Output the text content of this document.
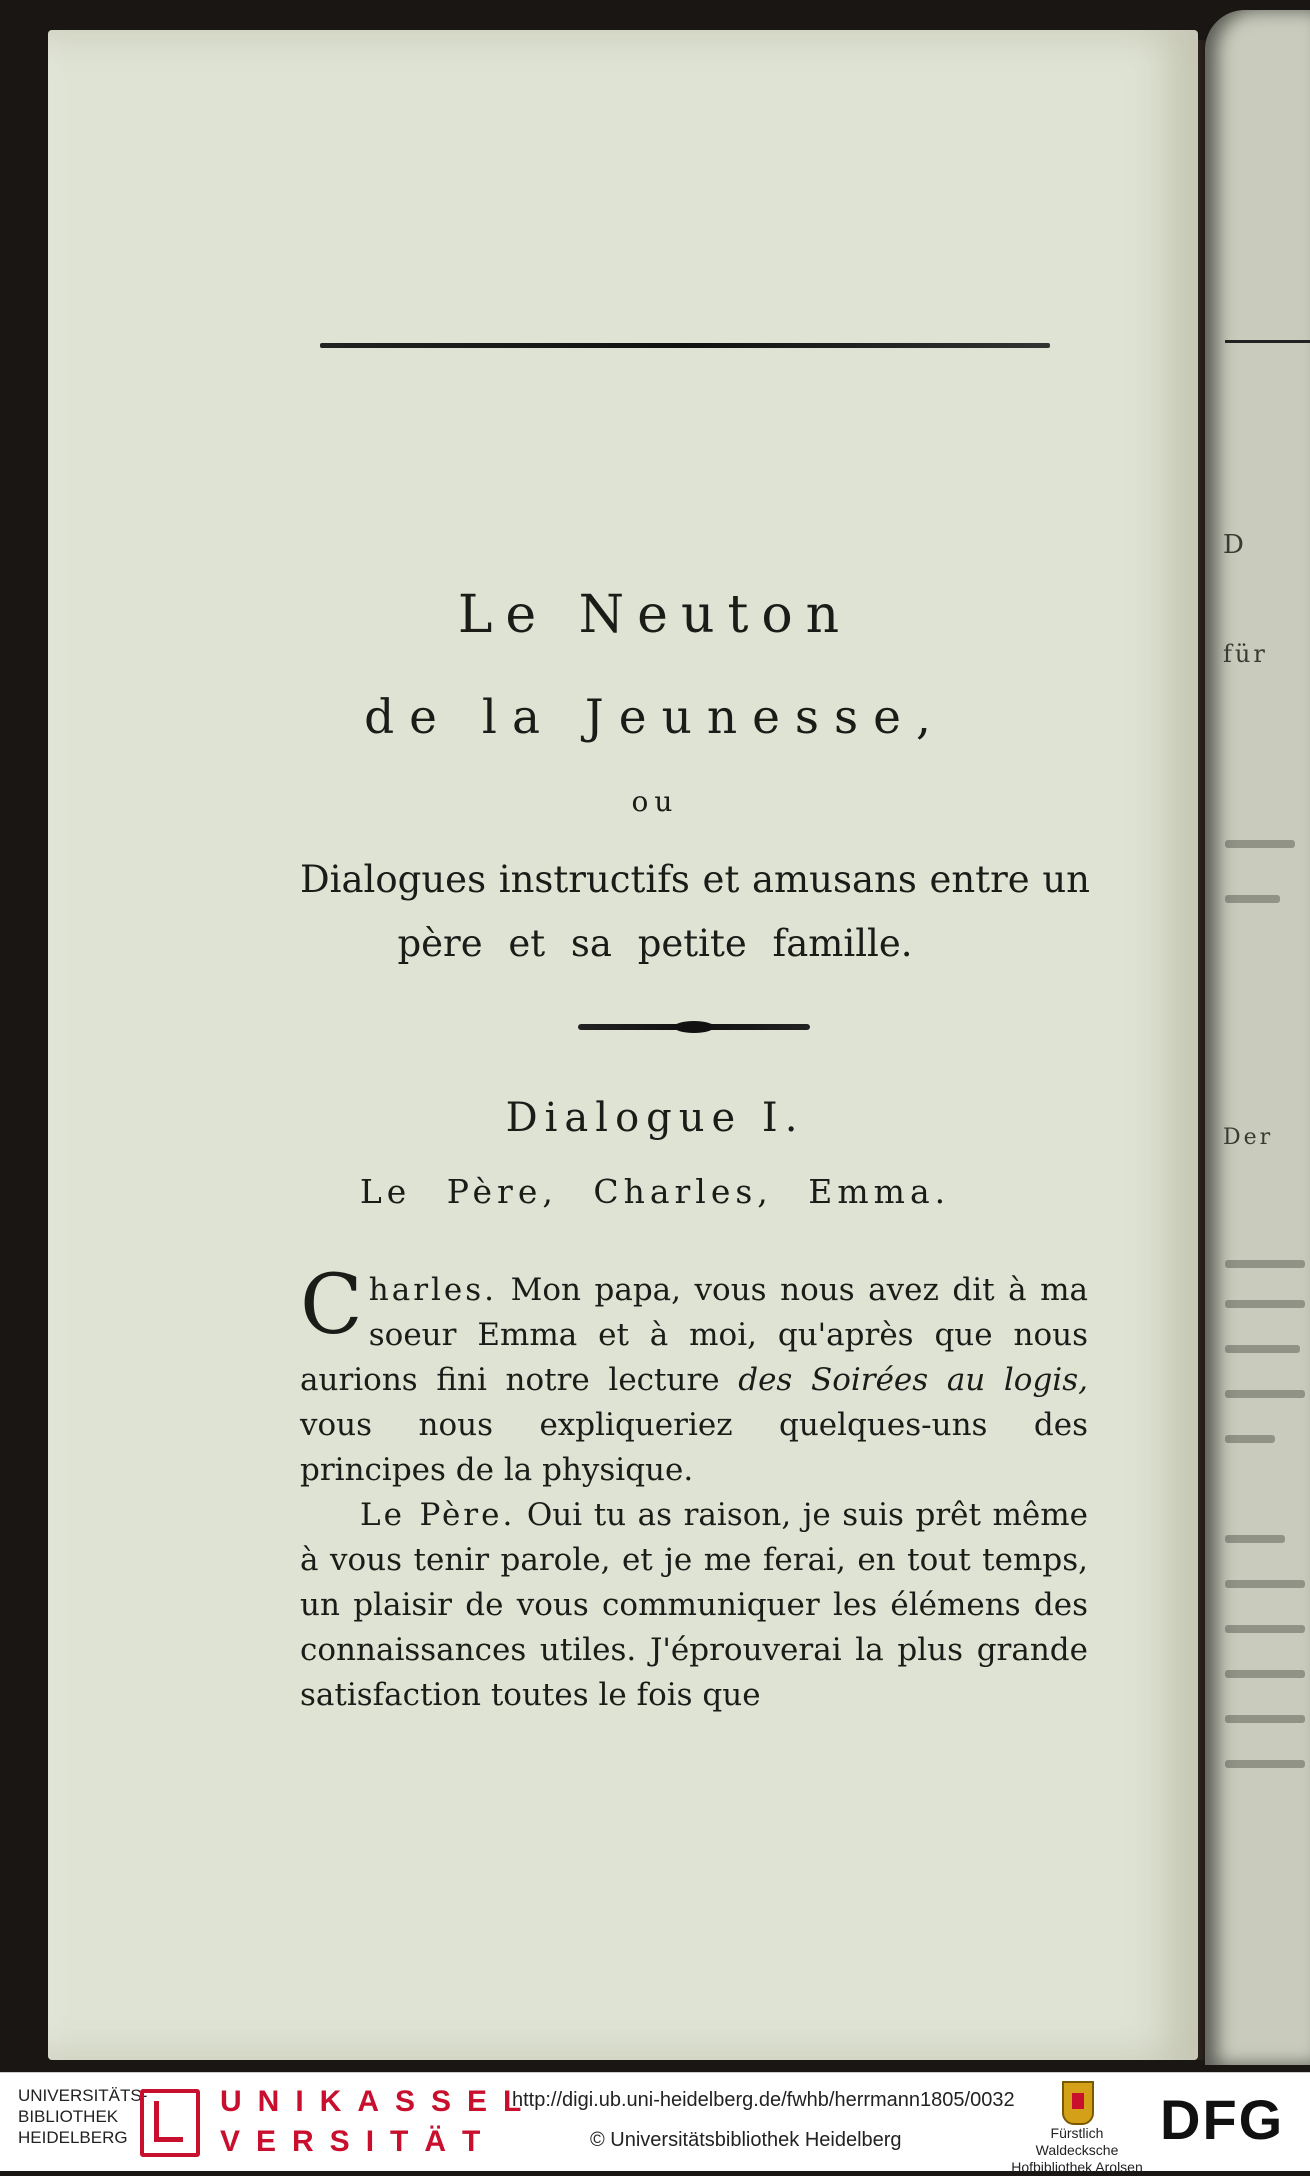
D
für
Der
Le Neuton
de la Jeunesse,
ou
Dialogues instructifs et amusans entre un
père et sa petite famille.
Dialogue I.
Le Père, Charles, Emma.

Charles. Mon papa, vous nous avez dit à ma soeur Emma et à moi, qu'après que nous aurions fini notre lecture des Soirées au logis, vous nous expliqueriez quelques-uns des principes de la physique.

Le Père. Oui tu as raison, je suis prêt même à vous tenir parole, et je me ferai, en tout temps, un plaisir de vous communiquer les élémens des connaissances utiles. J'éprouverai la plus grande satisfaction toutes le fois que

UNIVERSITÄTS-
BIBLIOTHEK
HEIDELBERG
UNIKASSEL
VERSITÄT
http://digi.ub.uni-heidelberg.de/fwhb/herrmann1805/0032
© Universitätsbibliothek Heidelberg	Fürstlich Waldecksche
Hofbibliothek Arolsen
DFG
